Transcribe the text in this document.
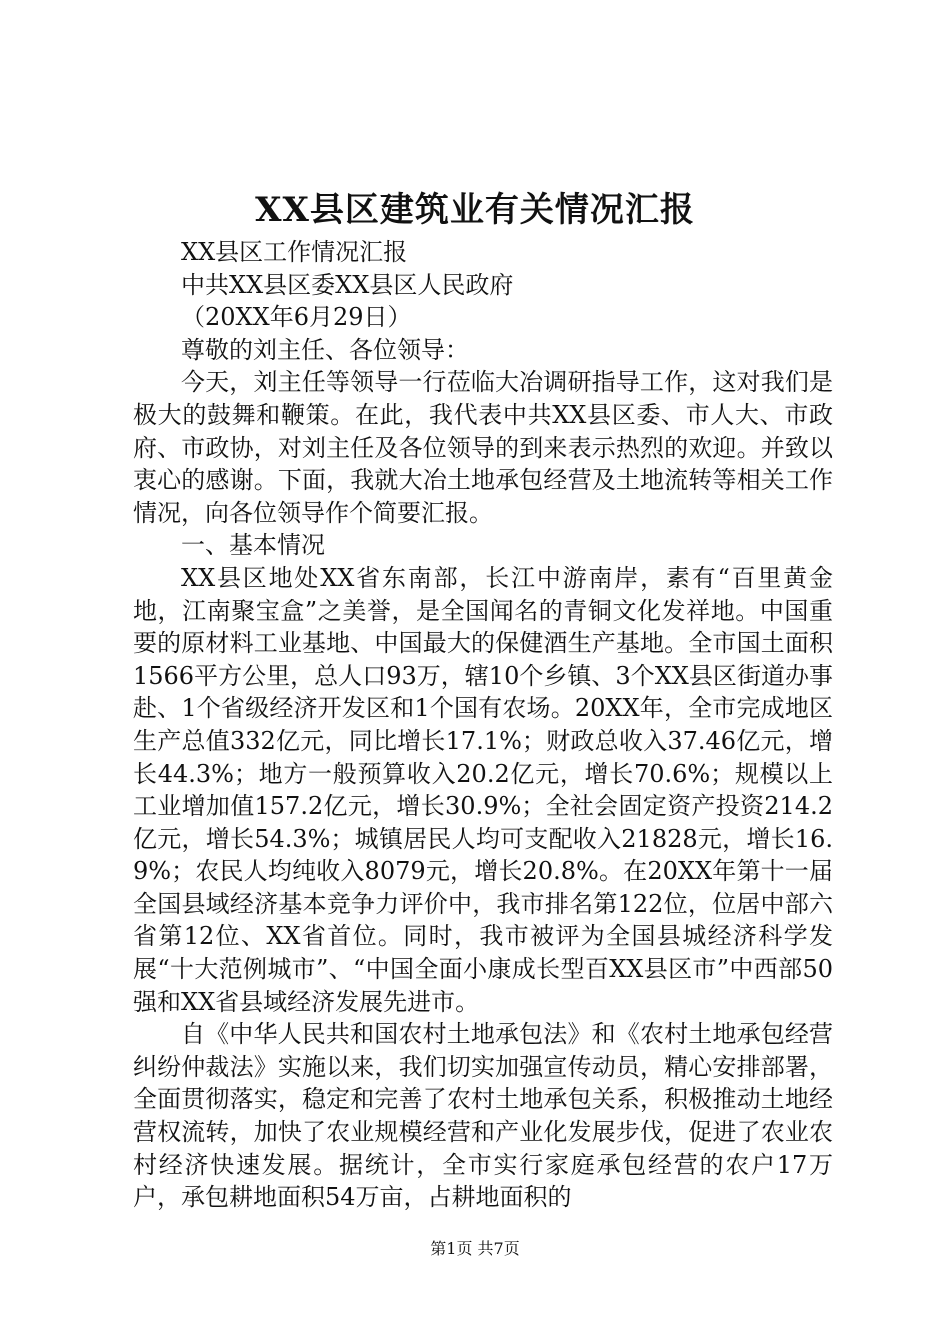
XX县区建筑业有关情况汇报

XX县区工作情况汇报

中共XX县区委XX县区人民政府

（20XX年6月29日）

尊敬的刘主任、各位领导：

今天，刘主任等领导一行莅临大冶调研指导工作，这对我们是极大的鼓舞和鞭策。在此，我代表中共XX县区委、市人大、市政府、市政协，对刘主任及各位领导的到来表示热烈的欢迎。并致以衷心的感谢。下面，我就大冶土地承包经营及土地流转等相关工作情况，向各位领导作个简要汇报。

一、基本情况

XX县区地处XX省东南部，长江中游南岸，素有“百里黄金地，江南聚宝盒”之美誉，是全国闻名的青铜文化发祥地。中国重要的原材料工业基地、中国最大的保健酒生产基地。全市国土面积1566平方公里，总人口93万，辖10个乡镇、3个XX县区街道办事赴、1个省级经济开发区和1个国有农场。20XX年，全市完成地区生产总值332亿元，同比增长17.1%；财政总收入37.46亿元，增长44.3%；地方一般预算收入20.2亿元，增长70.6%；规模以上工业增加值157.2亿元，增长30.9%；全社会固定资产投资214.2亿元，增长54.3%；城镇居民人均可支配收入21828元，增长16.9%；农民人均纯收入8079元，增长20.8%。在20XX年第十一届全国县域经济基本竞争力评价中，我市排名第122位，位居中部六省第12位、XX省首位。同时，我市被评为全国县城经济科学发展“十大范例城市”、“中国全面小康成长型百XX县区市”中西部50强和XX省县域经济发展先进市。

自《中华人民共和国农村土地承包法》和《农村土地承包经营纠纷仲裁法》实施以来，我们切实加强宣传动员，精心安排部署，全面贯彻落实，稳定和完善了农村土地承包关系，积极推动土地经营权流转，加快了农业规模经营和产业化发展步伐，促进了农业农村经济快速发展。据统计，全市实行家庭承包经营的农户17万户，承包耕地面积54万亩，占耕地面积的

第1页 共7页
